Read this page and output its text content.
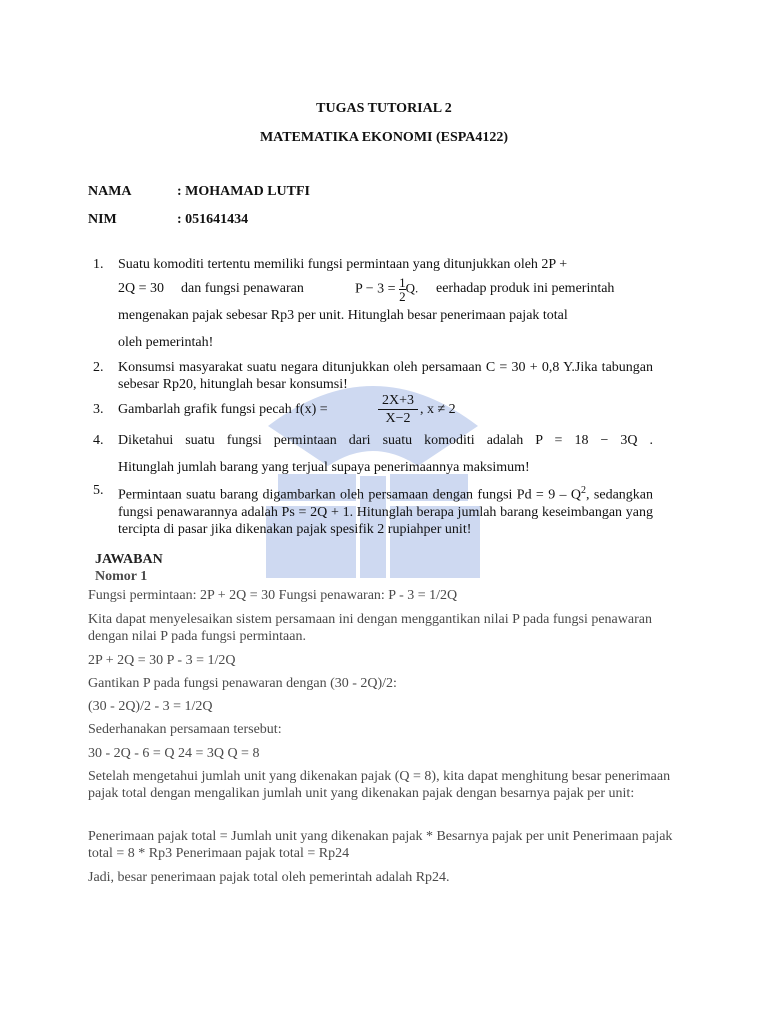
TUGAS TUTORIAL 2
MATEMATIKA EKONOMI (ESPA4122)
NAMA	: MOHAMAD LUTFI
NIM	: 051641434
1. Suatu komoditi tertentu memiliki fungsi permintaan yang ditunjukkan oleh 2P +
2Q = 30 dan fungsi penawaran	$P - 3 = \frac{1}{2} Q$. eerhadap produk ini pemerintah
mengenakan pajak sebesar Rp3 per unit. Hitunglah besar penerimaan pajak total
oleh pemerintah!
2. Konsumsi masyarakat suatu negara ditunjukkan oleh persamaan C = 30 + 0,8 Y.Jika tabungan sebesar Rp20, hitunglah besar konsumsi!
3. Gambarlah grafik fungsi pecah f(x) =	$\frac{2X+3}{X-2}$ , x ≠ 2
4. Diketahui suatu fungsi permintaan dari suatu komoditi adalah P = 18 − 3Q .
Hitunglah jumlah barang yang terjual supaya penerimaannya maksimum!
5. Permintaan suatu barang digambarkan oleh persamaan dengan fungsi $Pd = 9 - Q^2$, sedangkan fungsi penawarannya adalah Ps = 2Q + 1. Hitunglah berapa jumlah barang keseimbangan yang tercipta di pasar jika dikenakan pajak spesifik 2 rupiahper unit!
JAWABAN
Nomor 1
Fungsi permintaan: 2P + 2Q = 30 Fungsi penawaran: P - 3 = 1/2Q
Kita dapat menyelesaikan sistem persamaan ini dengan menggantikan nilai P pada fungsi penawaran dengan nilai P pada fungsi permintaan.
2P + 2Q = 30 P - 3 = 1/2Q
Gantikan P pada fungsi penawaran dengan (30 - 2Q)/2:
(30 - 2Q)/2 - 3 = 1/2Q
Sederhanakan persamaan tersebut:
30 - 2Q - 6 = Q 24 = 3Q Q = 8
Setelah mengetahui jumlah unit yang dikenakan pajak (Q = 8), kita dapat menghitung besar penerimaan pajak total dengan mengalikan jumlah unit yang dikenakan pajak dengan besarnya pajak per unit:
Penerimaan pajak total = Jumlah unit yang dikenakan pajak * Besarnya pajak per unit Penerimaan pajak total = 8 * Rp3 Penerimaan pajak total = Rp24
Jadi, besar penerimaan pajak total oleh pemerintah adalah Rp24.
